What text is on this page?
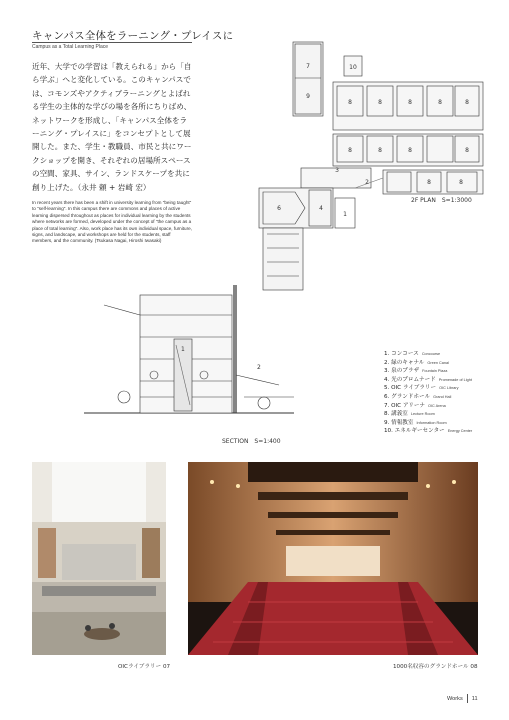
キャンパス全体をラーニング・プレイスに
Campus as a Total Learning Place

近年、大学での学習は「教えられる」から「自ら学ぶ」へと変化している。このキャンパスでは、コモンズやアクティブラーニングとよばれる学生の主体的な学びの場を各所にちりばめ、ネットワークを形成し、「キャンパス全体をラーニング・プレイスに」をコンセプトとして展開した。また、学生・教職員、市民と共にワークショップを開き、それぞれの居場所スペースの空間、家具、サイン、ランドスケープを共に創り上げた。（永井 頼 + 岩崎 宏）

In recent years there has been a shift in university learning from "being taught" to "self-learning". In this campus there are commons and places of active learning dispersed throughout as places for individual learning by the students where networks are formed, developed under the concept of "the campus as a place of total learning". Also, work place has its own individual space, furniture, signs, and landscape, and workshops are held for the students, staff members, and the community. (Tsukasa Nagai, Hiroshi Iwasaki)

7	10
9
8	8	8	8	8
8	8	8	8
3
2	8	8
6	4
1
2F PLAN　S=1:3000
1
2
SECTION　S=1:400
1. コンコース Concourse
2. 緑のキャナル Green Canal
3. 泉のプラザ Fountain Plaza
4. 光のプロムナード Promenade of Light
5. OIC ライブラリー OIC Library
6. グランドホール Grand Hall
7. OIC アリーナ OIC Arena
8. 講義室 Lecture Room
9. 情報教室 Information Room
10. エネルギーセンター Energy Center
OICライブラリー 07	1000名収容のグランドホール 08
Works 11
